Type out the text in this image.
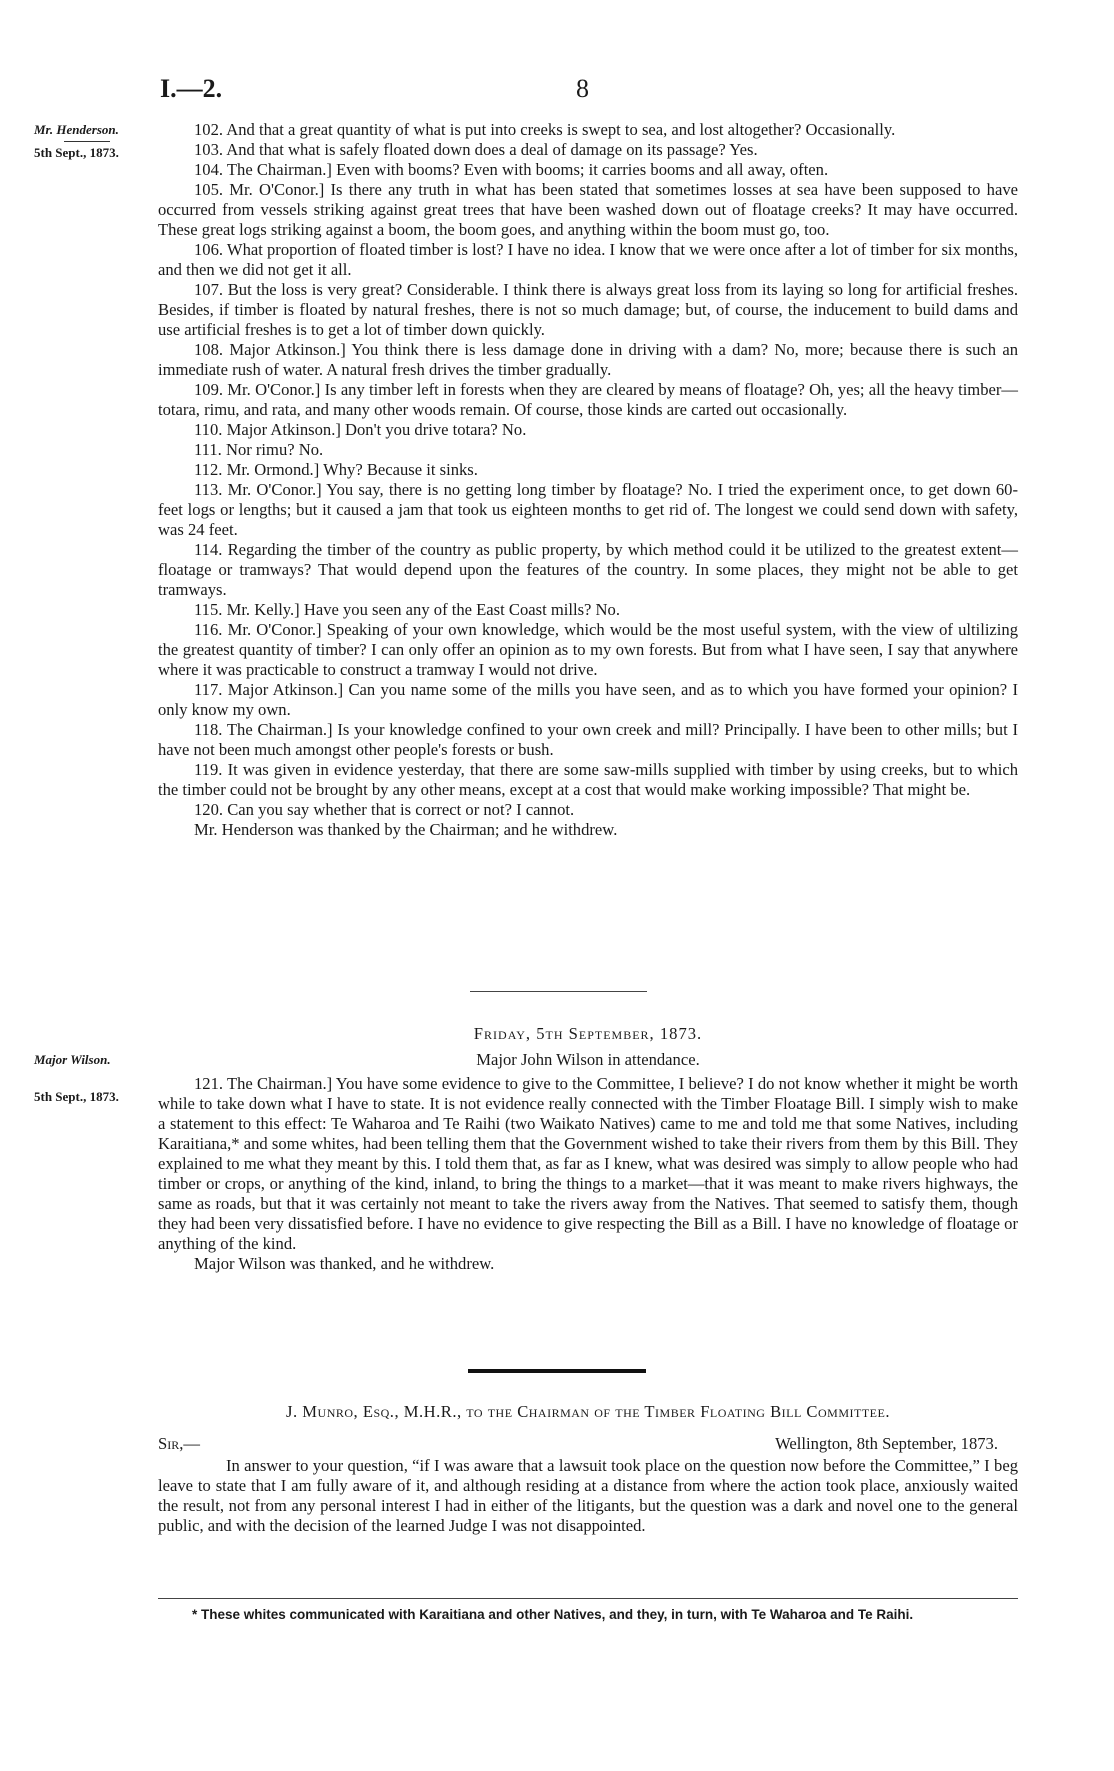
I.—2.	8
Mr. Henderson.
5th Sept., 1873.
Major Wilson.
5th Sept., 1873.

102. And that a great quantity of what is put into creeks is swept to sea, and lost altogether? Occasionally.

103. And that what is safely floated down does a deal of damage on its passage? Yes.

104. The Chairman.] Even with booms? Even with booms; it carries booms and all away, often.

105. Mr. O'Conor.] Is there any truth in what has been stated that sometimes losses at sea have been supposed to have occurred from vessels striking against great trees that have been washed down out of floatage creeks? It may have occurred. These great logs striking against a boom, the boom goes, and anything within the boom must go, too.

106. What proportion of floated timber is lost? I have no idea. I know that we were once after a lot of timber for six months, and then we did not get it all.

107. But the loss is very great? Considerable. I think there is always great loss from its laying so long for artificial freshes. Besides, if timber is floated by natural freshes, there is not so much damage; but, of course, the inducement to build dams and use artificial freshes is to get a lot of timber down quickly.

108. Major Atkinson.] You think there is less damage done in driving with a dam? No, more; because there is such an immediate rush of water. A natural fresh drives the timber gradually.

109. Mr. O'Conor.] Is any timber left in forests when they are cleared by means of floatage? Oh, yes; all the heavy timber—totara, rimu, and rata, and many other woods remain. Of course, those kinds are carted out occasionally.

110. Major Atkinson.] Don't you drive totara? No.

111. Nor rimu? No.

112. Mr. Ormond.] Why? Because it sinks.

113. Mr. O'Conor.] You say, there is no getting long timber by floatage? No. I tried the experiment once, to get down 60-feet logs or lengths; but it caused a jam that took us eighteen months to get rid of. The longest we could send down with safety, was 24 feet.

114. Regarding the timber of the country as public property, by which method could it be utilized to the greatest extent—floatage or tramways? That would depend upon the features of the country. In some places, they might not be able to get tramways.

115. Mr. Kelly.] Have you seen any of the East Coast mills? No.

116. Mr. O'Conor.] Speaking of your own knowledge, which would be the most useful system, with the view of ultilizing the greatest quantity of timber? I can only offer an opinion as to my own forests. But from what I have seen, I say that anywhere where it was practicable to construct a tramway I would not drive.

117. Major Atkinson.] Can you name some of the mills you have seen, and as to which you have formed your opinion? I only know my own.

118. The Chairman.] Is your knowledge confined to your own creek and mill? Principally. I have been to other mills; but I have not been much amongst other people's forests or bush.

119. It was given in evidence yesterday, that there are some saw-mills supplied with timber by using creeks, but to which the timber could not be brought by any other means, except at a cost that would make working impossible? That might be.

120. Can you say whether that is correct or not? I cannot.

Mr. Henderson was thanked by the Chairman; and he withdrew.

Friday, 5th September, 1873.

Major John Wilson in attendance.

121. The Chairman.] You have some evidence to give to the Committee, I believe? I do not know whether it might be worth while to take down what I have to state. It is not evidence really connected with the Timber Floatage Bill. I simply wish to make a statement to this effect: Te Waharoa and Te Raihi (two Waikato Natives) came to me and told me that some Natives, including Karaitiana,* and some whites, had been telling them that the Government wished to take their rivers from them by this Bill. They explained to me what they meant by this. I told them that, as far as I knew, what was desired was simply to allow people who had timber or crops, or anything of the kind, inland, to bring the things to a market—that it was meant to make rivers highways, the same as roads, but that it was certainly not meant to take the rivers away from the Natives. That seemed to satisfy them, though they had been very dissatisfied before. I have no evidence to give respecting the Bill as a Bill. I have no knowledge of floatage or anything of the kind.

Major Wilson was thanked, and he withdrew.

J. Munro, Esq., M.H.R., to the Chairman of the Timber Floating Bill Committee.

Sir,—	Wellington, 8th September, 1873.

In answer to your question, “if I was aware that a lawsuit took place on the question now before the Committee,” I beg leave to state that I am fully aware of it, and although residing at a distance from where the action took place, anxiously waited the result, not from any personal interest I had in either of the litigants, but the question was a dark and novel one to the general public, and with the decision of the learned Judge I was not disappointed.

* These whites communicated with Karaitiana and other Natives, and they, in turn, with Te Waharoa and Te Raihi.
